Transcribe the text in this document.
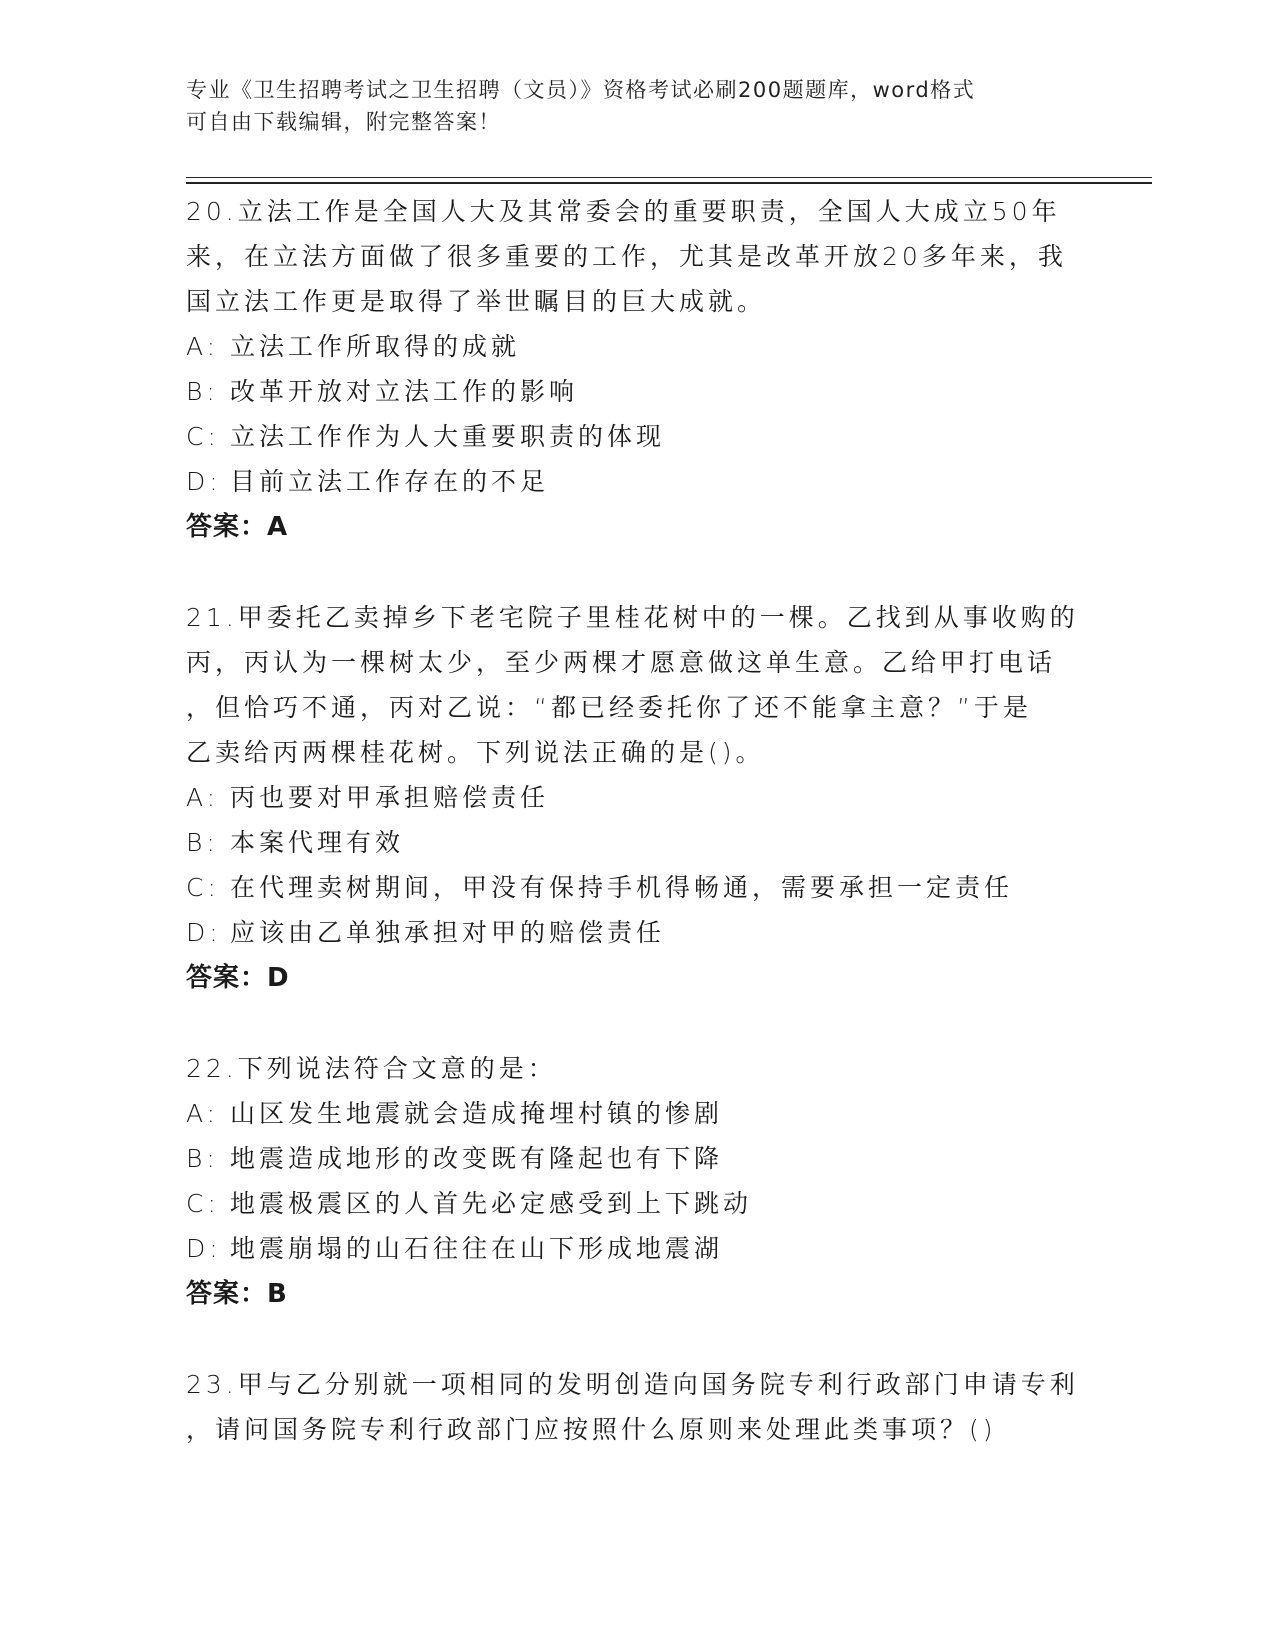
专业《卫生招聘考试之卫生招聘（文员）》资格考试必刷200题题库，word格式
可自由下载编辑，附完整答案！
20.立法工作是全国人大及其常委会的重要职责，全国人大成立50年
来，在立法方面做了很多重要的工作，尤其是改革开放20多年来，我
国立法工作更是取得了举世瞩目的巨大成就。
A: 立法工作所取得的成就
B: 改革开放对立法工作的影响
C: 立法工作作为人大重要职责的体现
D: 目前立法工作存在的不足
答案：A
21.甲委托乙卖掉乡下老宅院子里桂花树中的一棵。乙找到从事收购的
丙，丙认为一棵树太少，至少两棵才愿意做这单生意。乙给甲打电话
，但恰巧不通，丙对乙说：“都已经委托你了还不能拿主意？”于是
乙卖给丙两棵桂花树。下列说法正确的是()。
A: 丙也要对甲承担赔偿责任
B: 本案代理有效
C: 在代理卖树期间，甲没有保持手机得畅通，需要承担一定责任
D: 应该由乙单独承担对甲的赔偿责任
答案：D
22.下列说法符合文意的是：
A: 山区发生地震就会造成掩埋村镇的惨剧
B: 地震造成地形的改变既有隆起也有下降
C: 地震极震区的人首先必定感受到上下跳动
D: 地震崩塌的山石往往在山下形成地震湖
答案：B
23.甲与乙分别就一项相同的发明创造向国务院专利行政部门申请专利
，请问国务院专利行政部门应按照什么原则来处理此类事项？()
